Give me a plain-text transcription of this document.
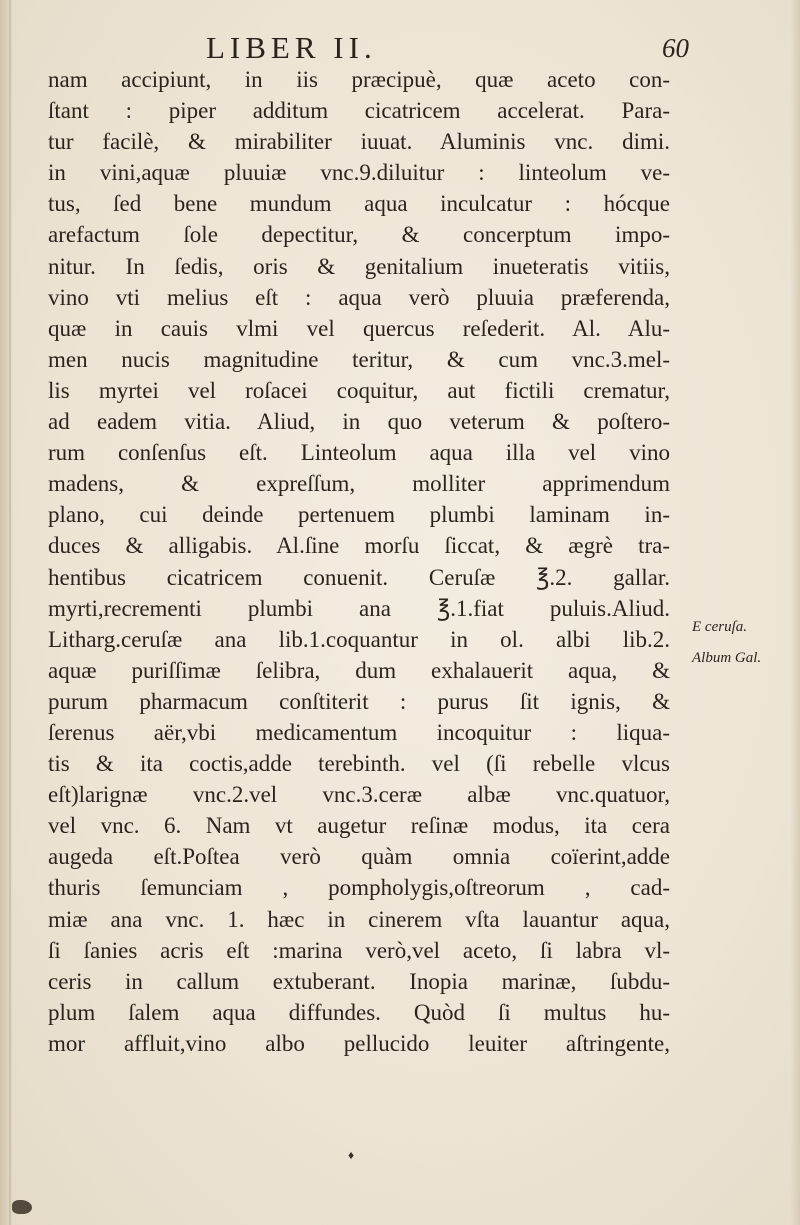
LIBER II.	60
nam accipiunt, in iis præcipuè, quæ aceto con-
ſtant : piper additum cicatricem accelerat. Para-
tur facilè, & mirabiliter iuuat. Aluminis vnc. dimi.
in vini,aquæ pluuiæ vnc.9.diluitur : linteolum ve-
tus, ſed bene mundum aqua inculcatur : hócque
arefactum ſole depectitur, & concerptum impo-
nitur. In ſedis, oris & genitalium inueteratis vitiis,
vino vti melius eſt : aqua verò pluuia præferenda,
quæ in cauis vlmi vel quercus reſederit. Al. Alu-
men nucis magnitudine teritur, & cum vnc.3.mel-
lis myrtei vel roſacei coquitur, aut fictili crematur,
ad eadem vitia. Aliud, in quo veterum & poſtero-
rum conſenſus eſt. Linteolum aqua illa vel vino
madens, & expreſſum, molliter apprimendum
plano, cui deinde pertenuem plumbi laminam in-
duces & alligabis. Al.ſine morſu ſiccat, & ægrè tra-
hentibus cicatricem conuenit. Ceruſæ ℥.2. gallar.
myrti,recrementi plumbi ana ℥.1.fiat puluis.Aliud.
Litharg.ceruſæ ana lib.1.coquantur in ol. albi lib.2.
aquæ puriſſimæ ſelibra, dum exhalauerit aqua, &
purum pharmacum conſtiterit : purus ſit ignis, &
ſerenus aër,vbi medicamentum incoquitur : liqua-
tis & ita coctis,adde terebinth. vel (ſi rebelle vlcus
eſt)larignæ vnc.2.vel vnc.3.ceræ albæ vnc.quatuor,
vel vnc. 6. Nam vt augetur reſinæ modus, ita cera
augeda eſt.Poſtea verò quàm omnia coïerint,adde
thuris ſemunciam , pompholygis,oſtreorum , cad-
miæ ana vnc. 1. hæc in cinerem vſta lauantur aqua,
ſi ſanies acris eſt :marina verò,vel aceto, ſi labra vl-
ceris in callum extuberant. Inopia marinæ, ſubdu-
plum ſalem aqua diffundes. Quòd ſi multus hu-
mor affluit,vino albo pellucido leuiter aſtringente,
E ceruſa.
Album Gal.
♦
